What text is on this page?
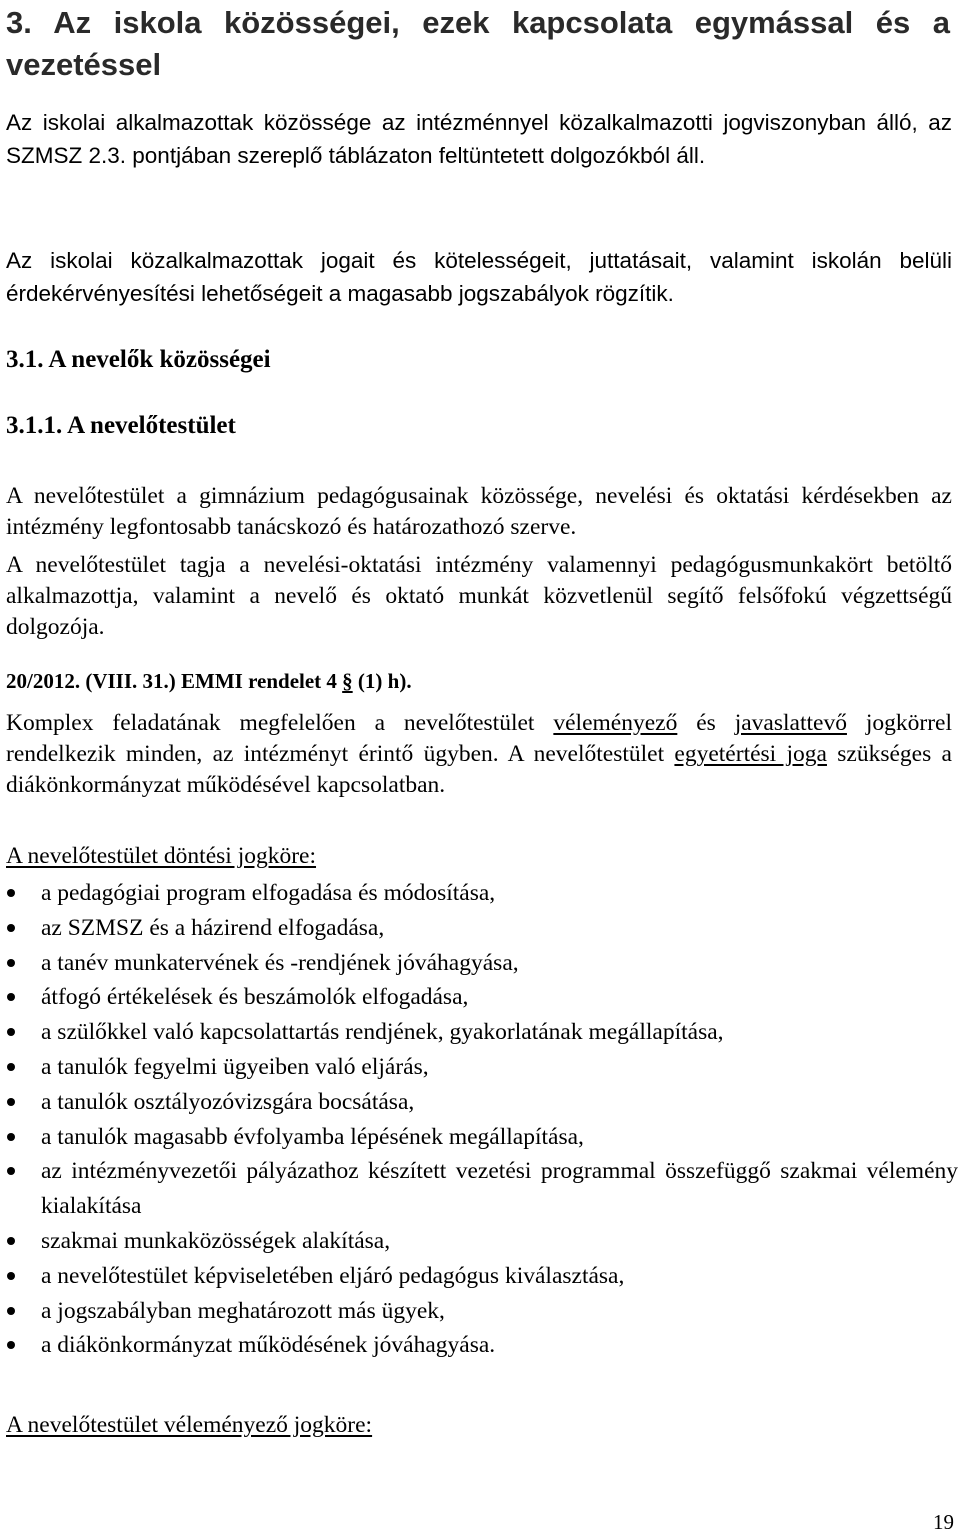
3. Az iskola közösségei, ezek kapcsolata egymással és a vezetéssel

Az iskolai alkalmazottak közössége az intézménnyel közalkalmazotti jogviszonyban álló, az SZMSZ 2.3. pontjában szereplő táblázaton feltüntetett dolgozókból áll.

Az iskolai közalkalmazottak jogait és kötelességeit, juttatásait, valamint iskolán belüli érdekérvényesítési lehetőségeit a magasabb jogszabályok rögzítik.

3.1. A nevelők közösségei
3.1.1. A nevelőtestület

A nevelőtestület a gimnázium pedagógusainak közössége, nevelési és oktatási kérdésekben az intézmény legfontosabb tanácskozó és határozathozó szerve.

A nevelőtestület tagja a nevelési-oktatási intézmény valamennyi pedagógusmunkakört betöltő alkalmazottja, valamint a nevelő és oktató munkát közvetlenül segítő felsőfokú végzettségű dolgozója.

20/2012. (VIII. 31.) EMMI rendelet 4 § (1) h).

Komplex feladatának megfelelően a nevelőtestület véleményező és javaslattevő jogkörrel rendelkezik minden, az intézményt érintő ügyben. A nevelőtestület egyetértési joga szükséges a diákönkormányzat működésével kapcsolatban.

A nevelőtestület döntési jogköre:

a pedagógiai program elfogadása és módosítása,
az SZMSZ és a házirend elfogadása,
a tanév munkatervének és -rendjének jóváhagyása,
átfogó értékelések és beszámolók elfogadása,
a szülőkkel való kapcsolattartás rendjének, gyakorlatának megállapítása,
a tanulók fegyelmi ügyeiben való eljárás,
a tanulók osztályozóvizsgára bocsátása,
a tanulók magasabb évfolyamba lépésének megállapítása,
az intézményvezetői pályázathoz készített vezetési programmal összefüggő szakmai vélemény kialakítása
szakmai munkaközösségek alakítása,
a nevelőtestület képviseletében eljáró pedagógus kiválasztása,
a jogszabályban meghatározott más ügyek,
a diákönkormányzat működésének jóváhagyása.

A nevelőtestület véleményező jogköre:

19
